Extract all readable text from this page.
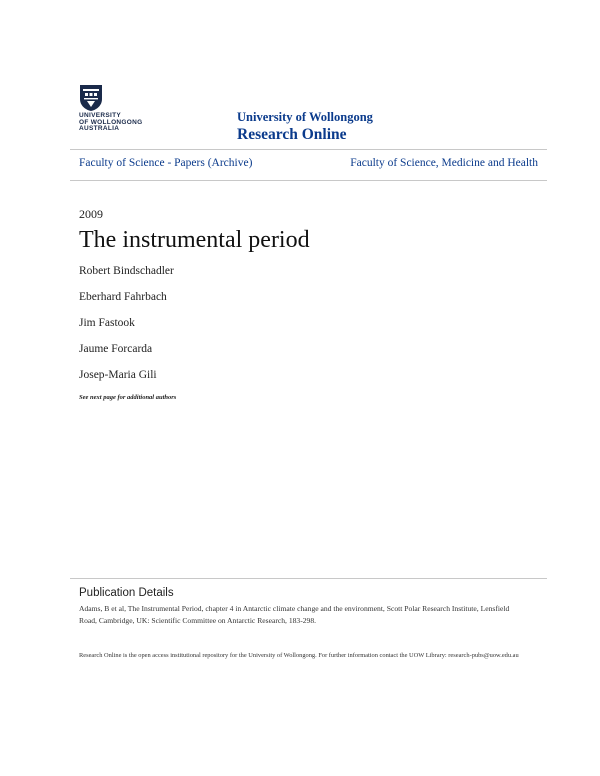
UNIVERSITY
OF WOLLONGONG
AUSTRALIA
University of Wollongong
Research Online
Faculty of Science - Papers (Archive)	Faculty of Science, Medicine and Health
2009
The instrumental period
Robert Bindschadler
Eberhard Fahrbach
Jim Fastook
Jaume Forcarda
Josep-Maria Gili
See next page for additional authors
Publication Details
Adams, B et al, The Instrumental Period, chapter 4 in Antarctic climate change and the environment, Scott Polar Research Institute, Lensfield Road, Cambridge, UK: Scientific Committee on Antarctic Research, 183-298.
Research Online is the open access institutional repository for the University of Wollongong. For further information contact the UOW Library: research-pubs@uow.edu.au
